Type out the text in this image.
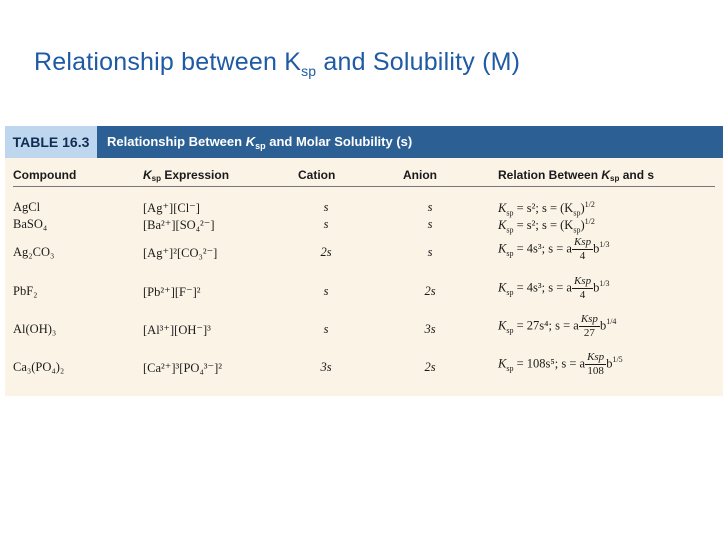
Relationship between $K_{sp}$ and Solubility (M)
TABLE 16.3	Relationship Between $K_{sp}$ and Molar Solubility (s)
Compound	$K_{sp}$ Expression	Cation	Anion	Relation Between $K_{sp}$ and s
AgCl	[Ag⁺][Cl⁻]	s	s	$K_{sp} = s^2$; $s = (K_{sp})^{1/2}$
BaSO₄	[Ba²⁺][SO₄²⁻]	s	s	$K_{sp} = s^2$; $s = (K_{sp})^{1/2}$
Ag₂CO₃	[Ag⁺]²[CO₃²⁻]	2s	s	$K_{sp} = 4s^3$; s = a $\frac{\text{Ksp}}{4} b^{1/3}$
PbF₂	[Pb²⁺][F⁻]²	s	2s	$K_{sp} = 4s^3$; s = a $\frac{\text{Ksp}}{4} b^{1/3}$
Al(OH)₃	[Al³⁺][OH⁻]³	s	3s	$K_{sp} = 27s^4$; s = a $\frac{\text{Ksp}}{27} b^{1/4}$
Ca₃(PO₄)₂	[Ca²⁺]³[PO₄³⁻]²	3s	2s	$K_{sp} = 108s^5$; s = a $\frac{\text{Ksp}}{108} b^{1/5}$
